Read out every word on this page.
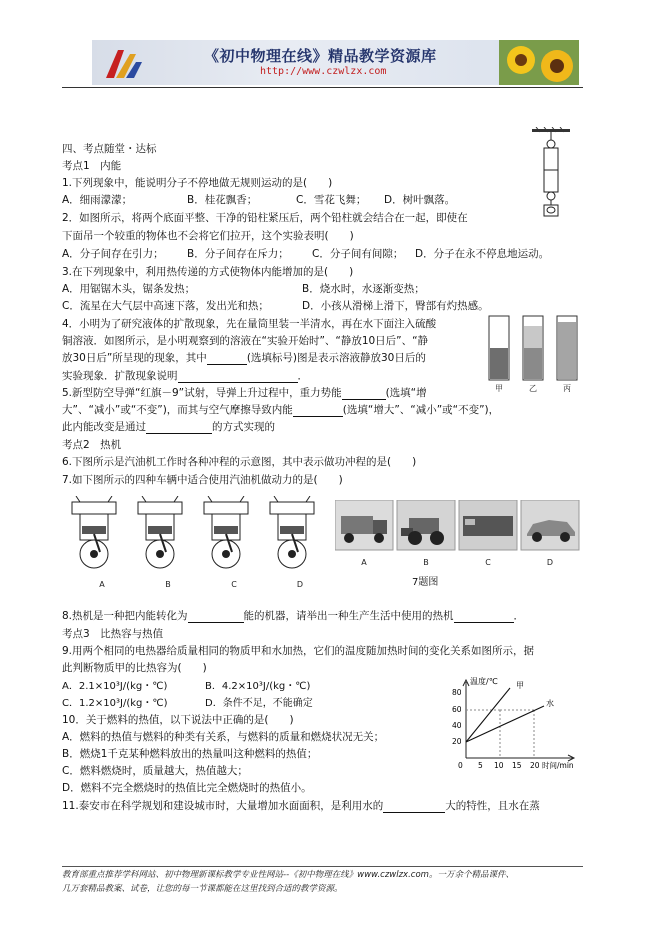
《初中物理在线》精品教学资源库
http://www.czwlzx.com
四、考点随堂・达标
考点1　内能
1.下列现象中，能说明分子不停地做无规则运动的是(　　)
A．细雨濛濛；	B．桂花飘香；	C．雪花飞舞； D．树叶飘落。
2．如图所示，将两个底面平整、干净的铅柱紧压后，两个铅柱就会结合在一起，即使在
下面吊一个较重的物体也不会将它们拉开，这个实验表明(　　)
A．分子间存在引力； B．分子间存在斥力； C．分子间有间隙； D．分子在永不停息地运动。
3.在下列现象中，利用热传递的方式使物体内能增加的是(　　)
A．用锯锯木头，锯条发热；	B．烧水时，水逐渐变热；
C．流星在大气层中高速下落，发出光和热；	D．小孩从滑梯上滑下，臀部有灼热感。
4．小明为了研究液体的扩散现象，先在量筒里装一半清水，再在水下面注入硫酸
铜溶液．如图所示，是小明观察到的溶液在“实验开始时”、“静放10日后”、“静
放30日后”所呈现的现象，其中	(选填标号)图是表示溶液静放30日后的
实验现象．扩散现象说明	．
甲	乙	丙
5.新型防空导弹“红旗－9”试射，导弹上升过程中，重力势能	(选填“增
大”、“减小”或“不变”)，而其与空气摩擦导致内能	(选填“增大”、“减小”或“不变”)，
此内能改变是通过	的方式实现的
考点2　热机
6.下图所示是汽油机工作时各种冲程的示意图，其中表示做功冲程的是(　　)
7.如下图所示的四种车辆中适合使用汽油机做动力的是(　　)
A	B	C	D
A	B	C	D
7题图
8.热机是一种把内能转化为	能的机器，请举出一种生产生活中使用的热机	．
考点3　比热容与热值
9.用两个相同的电热器给质量相同的物质甲和水加热，它们的温度随加热时间的变化关系如图所示，据
此判断物质甲的比热容为(　　)
A．2.1×10³J/(kg・℃)	B．4.2×10³J/(kg・℃)
C．1.2×10³J/(kg・℃)	D．条件不足，不能确定
10．关于燃料的热值，以下说法中正确的是(　　)
A．燃料的热值与燃料的种类有关系，与燃料的质量和燃烧状况无关；
B．燃烧1千克某种燃料放出的热量叫这种燃料的热值；
C．燃料燃烧时，质量越大，热值越大；
D．燃料不完全燃烧时的热值比完全燃烧时的热值小。
11.泰安市在科学规划和建设城市时，大量增加水面面积，是利用水的	大的特性，且水在蒸
温度/℃ 甲
水
80
60
40
20
0 5 10 15 20 时间/min
教育部重点推荐学科网站、初中物理新课标教学专业性网站--《初中物理在线》www.czwlzx.com。一万余个精品课件、
几万套精品教案、试卷，让您的每一节课都能在这里找到合适的教学资源。
